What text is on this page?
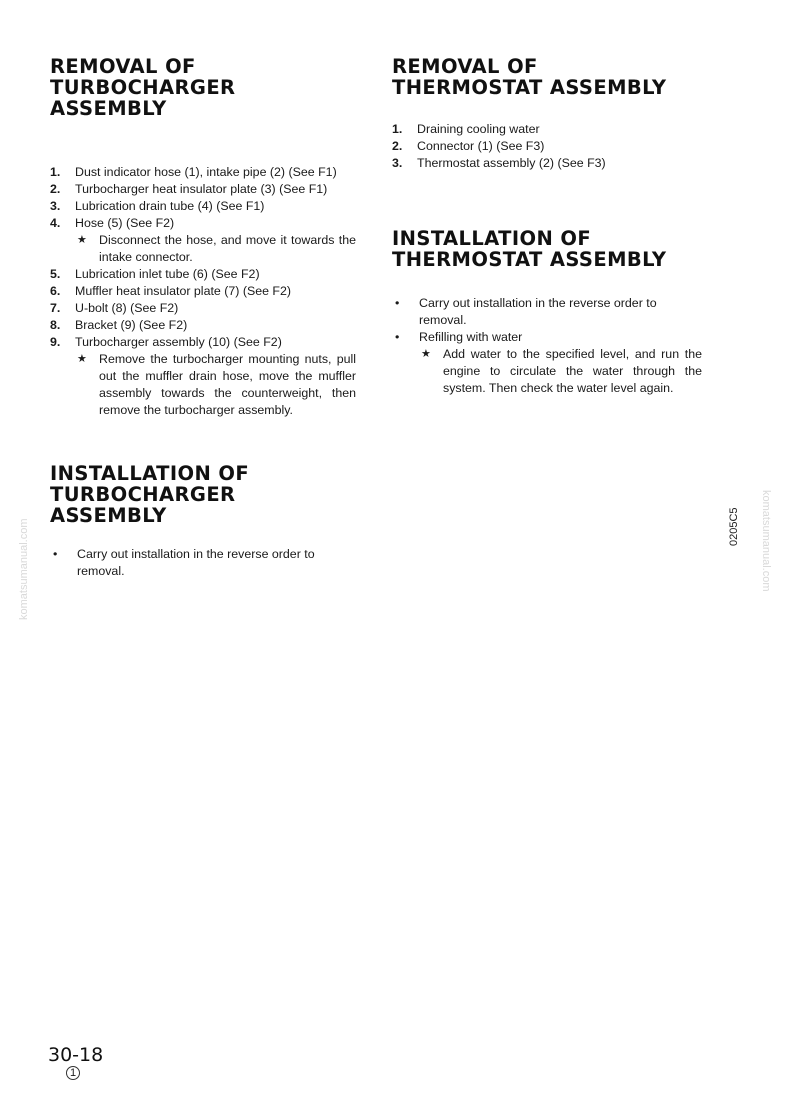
REMOVAL OF
TURBOCHARGER ASSEMBLY
1. Dust indicator hose (1), intake pipe (2) (See F1)
2. Turbocharger heat insulator plate (3) (See F1)
3. Lubrication drain tube (4) (See F1)
4. Hose (5) (See F2)
★ Disconnect the hose, and move it towards the intake connector.
5. Lubrication inlet tube (6) (See F2)
6. Muffler heat insulator plate (7) (See F2)
7. U-bolt (8) (See F2)
8. Bracket (9) (See F2)
9. Turbocharger assembly (10) (See F2)
★ Remove the turbocharger mounting nuts, pull out the muffler drain hose, move the muffler assembly towards the counterweight, then remove the turbocharger assembly.
INSTALLATION OF
TURBOCHARGER ASSEMBLY
• Carry out installation in the reverse order to removal.
REMOVAL OF
THERMOSTAT ASSEMBLY
1. Draining cooling water
2. Connector (1) (See F3)
3. Thermostat assembly (2) (See F3)
INSTALLATION OF
THERMOSTAT ASSEMBLY
• Carry out installation in the reverse order to removal.
• Refilling with water
★ Add water to the specified level, and run the engine to circulate the water through the system. Then check the water level again.
0205C5
komatsumanual.com	komatsumanual.com
30-18
1
